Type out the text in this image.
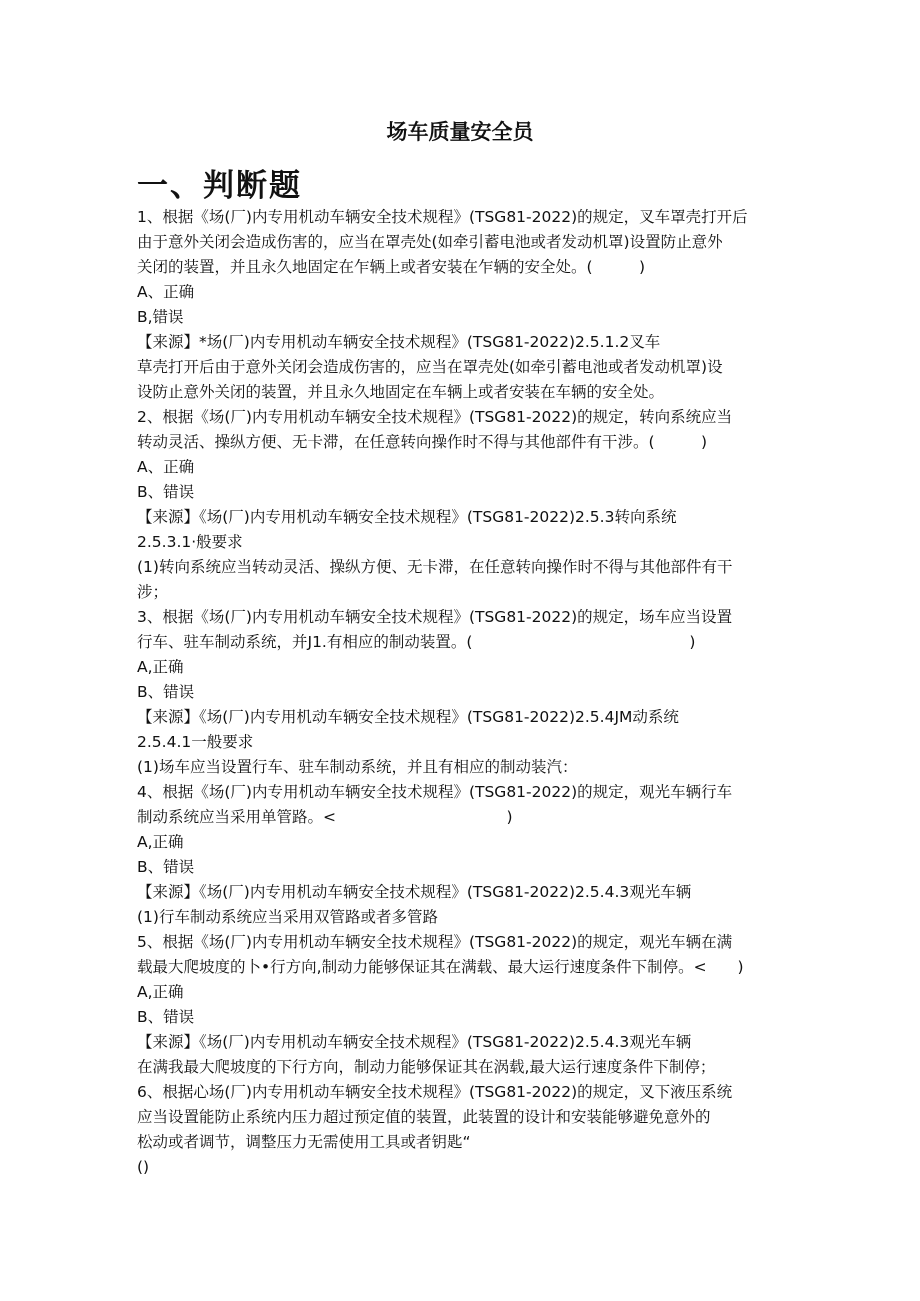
场车质量安全员
一、判断题
1、根据《场(厂)内专用机动车辆安全技术规程》(TSG81-2022)的规定，叉车罩壳打开后
由于意外关闭会造成伤害的，应当在罩壳处(如牵引蓄电池或者发动机罩)设置防止意外
关闭的装置，并且永久地固定在乍辆上或者安装在乍辆的安全处。(　　　)
A、正确
B,错误
【来源】*场(厂)内专用机动车辆安全技术规程》(TSG81-2022)2.5.1.2叉车
草壳打开后由于意外关闭会造成伤害的，应当在罩壳处(如牵引蓄电池或者发动机罩)设
设防止意外关闭的装置，并且永久地固定在车辆上或者安装在车辆的安全处。
2、根据《场(厂)内专用机动车辆安全技术规程》(TSG81-2022)的规定，转向系统应当
转动灵活、操纵方便、无卡滞，在任意转向操作时不得与其他部件有干涉。(　　　)
A、正确
B、错误
【来源】《场(厂)内专用机动车辆安全技术规程》(TSG81-2022)2.5.3转向系统
2.5.3.1·般要求
(1)转向系统应当转动灵活、操纵方便、无卡滞，在任意转向操作时不得与其他部件有干
涉；
3、根据《场(厂)内专用机动车辆安全技术规程》(TSG81-2022)的规定，场车应当设置
行车、驻车制动系统，并J1.有相应的制动装置。(　　　　　　　　　　　　　　)
A,正确
B、错误
【来源】《场(厂)内专用机动车辆安全技术规程》(TSG81-2022)2.5.4JM动系统
2.5.4.1一般要求
(1)场车应当设置行车、驻车制动系统，并且有相应的制动装汽：
4、根据《场(厂)内专用机动车辆安全技术规程》(TSG81-2022)的规定，观光车辆行车
制动系统应当采用单管路。<　　　　　　　　　　　)
A,正确
B、错误
【来源】《场(厂)内专用机动车辆安全技术规程》(TSG81-2022)2.5.4.3观光车辆
(1)行车制动系统应当采用双管路或者多管路
5、根据《场(厂)内专用机动车辆安全技术规程》(TSG81-2022)的规定，观光车辆在满
载最大爬坡度的卜•行方向,制动力能够保证其在满载、最大运行速度条件下制停。<　　)
A,正确
B、错误
【来源】《场(厂)内专用机动车辆安全技术规程》(TSG81-2022)2.5.4.3观光车辆
在满我最大爬坡度的下行方向，制动力能够保证其在涡载,最大运行速度条件下制停；
6、根据心场(厂)内专用机动车辆安全技术规程》(TSG81-2022)的规定，叉下液压系统
应当设置能防止系统内压力超过预定值的装置，此装置的设计和安装能够避免意外的
松动或者调节，调整压力无需使用工具或者钥匙“
()
